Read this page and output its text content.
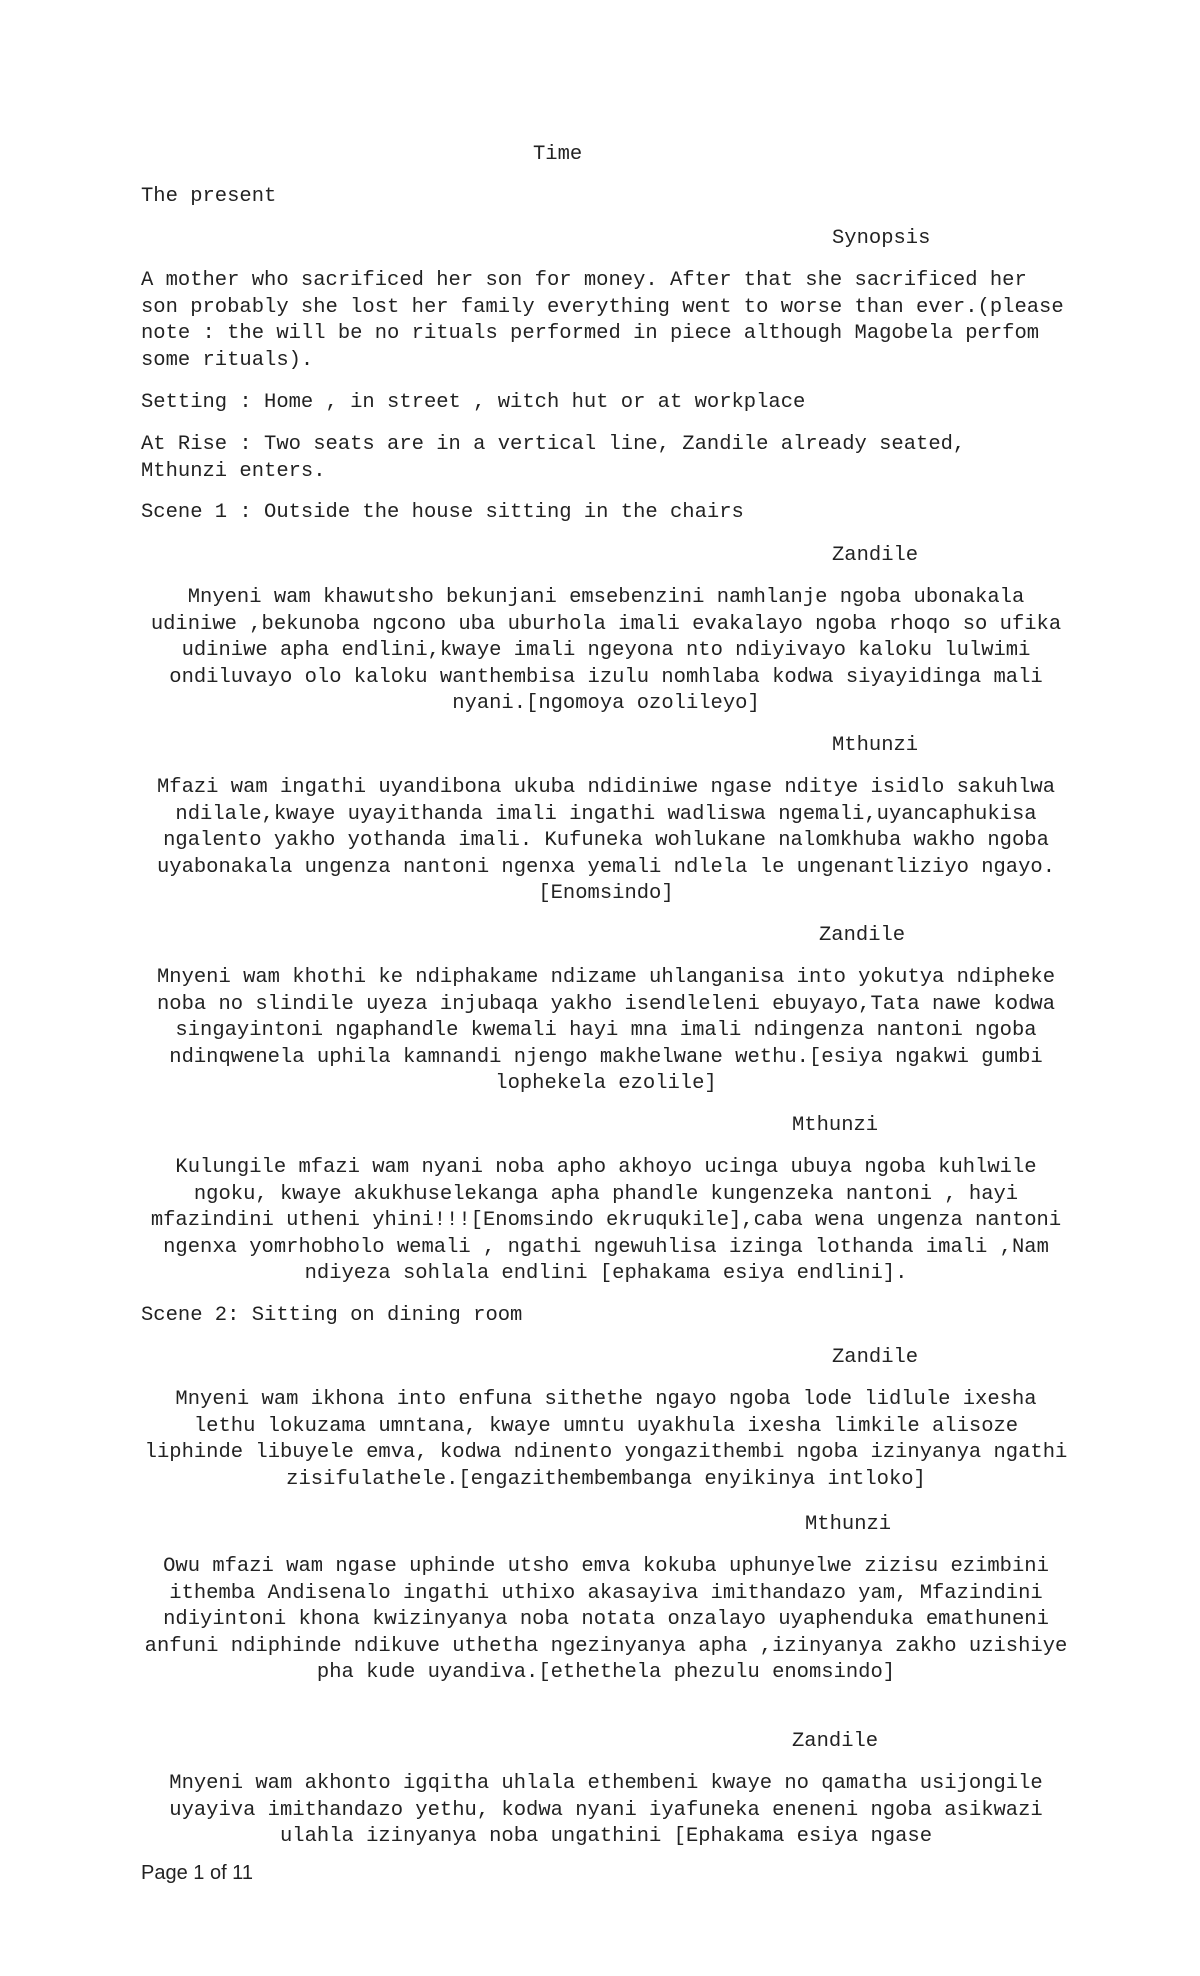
Time

The present

Synopsis

A mother who sacrificed her son for money. After that she sacrificed her son probably she lost her family everything went to worse than ever.(please note : the will be no rituals performed in piece although Magobela perfom some rituals).

Setting : Home , in street , witch hut or at workplace

At Rise : Two seats are in a vertical line, Zandile already seated, Mthunzi enters.

Scene 1 : Outside the house sitting in the chairs

Zandile

Mnyeni wam khawutsho bekunjani emsebenzini namhlanje ngoba ubonakala udiniwe ,bekunoba ngcono uba uburhola imali evakalayo ngoba rhoqo so ufika udiniwe apha endlini,kwaye imali ngeyona nto ndiyivayo kaloku lulwimi ondiluvayo olo kaloku wanthembisa izulu nomhlaba kodwa siyayidinga mali nyani.[ngomoya ozolileyo]

Mthunzi

Mfazi wam ingathi uyandibona ukuba ndidiniwe ngase nditye isidlo sakuhlwa ndilale,kwaye uyayithanda imali ingathi wadliswa ngemali,uyancaphukisa ngalento yakho yothanda imali. Kufuneka wohlukane nalomkhuba wakho ngoba uyabonakala ungenza nantoni ngenxa yemali ndlela le ungenantliziyo ngayo.[Enomsindo]

Zandile

Mnyeni wam khothi ke ndiphakame ndizame uhlanganisa into yokutya ndipheke noba no slindile uyeza injubaqa yakho isendleleni ebuyayo,Tata nawe kodwa singayintoni ngaphandle kwemali hayi mna imali ndingenza nantoni ngoba ndinqwenela uphila kamnandi njengo makhelwane wethu.[esiya ngakwi gumbi lophekela ezolile]

Mthunzi

Kulungile mfazi wam nyani noba apho akhoyo ucinga ubuya ngoba kuhlwile ngoku, kwaye akukhuselekanga apha phandle kungenzeka nantoni , hayi mfazindini utheni yhini!!![Enomsindo ekruqukile],caba wena ungenza nantoni ngenxa yomrhobholo wemali , ngathi ngewuhlisa izinga lothanda imali ,Nam ndiyeza sohlala endlini [ephakama esiya endlini].

Scene 2: Sitting on dining room

Zandile

Mnyeni wam ikhona into enfuna sithethe ngayo ngoba lode lidlule ixesha lethu lokuzama umntana, kwaye umntu uyakhula ixesha limkile alisoze liphinde libuyele emva, kodwa ndinento yongazithembi ngoba izinyanya ngathi zisifulathele.[engazithembembanga enyikinya intloko]

Mthunzi

Owu mfazi wam ngase uphinde utsho emva kokuba uphunyelwe zizisu ezimbini ithemba Andisenalo ingathi uthixo akasayiva imithandazo yam, Mfazindini ndiyintoni khona kwizinyanya noba notata onzalayo uyaphenduka emathuneni anfuni ndiphinde ndikuve uthetha ngezinyanya apha ,izinyanya zakho uzishiye pha kude uyandiva.[ethethela phezulu enomsindo]

Zandile

Mnyeni wam akhonto igqitha uhlala ethembeni kwaye no qamatha usijongile uyayiva imithandazo yethu, kodwa nyani iyafuneka eneneni ngoba asikwazi ulahla izinyanya noba ungathini [Ephakama esiya ngase

Page 1 of 11
